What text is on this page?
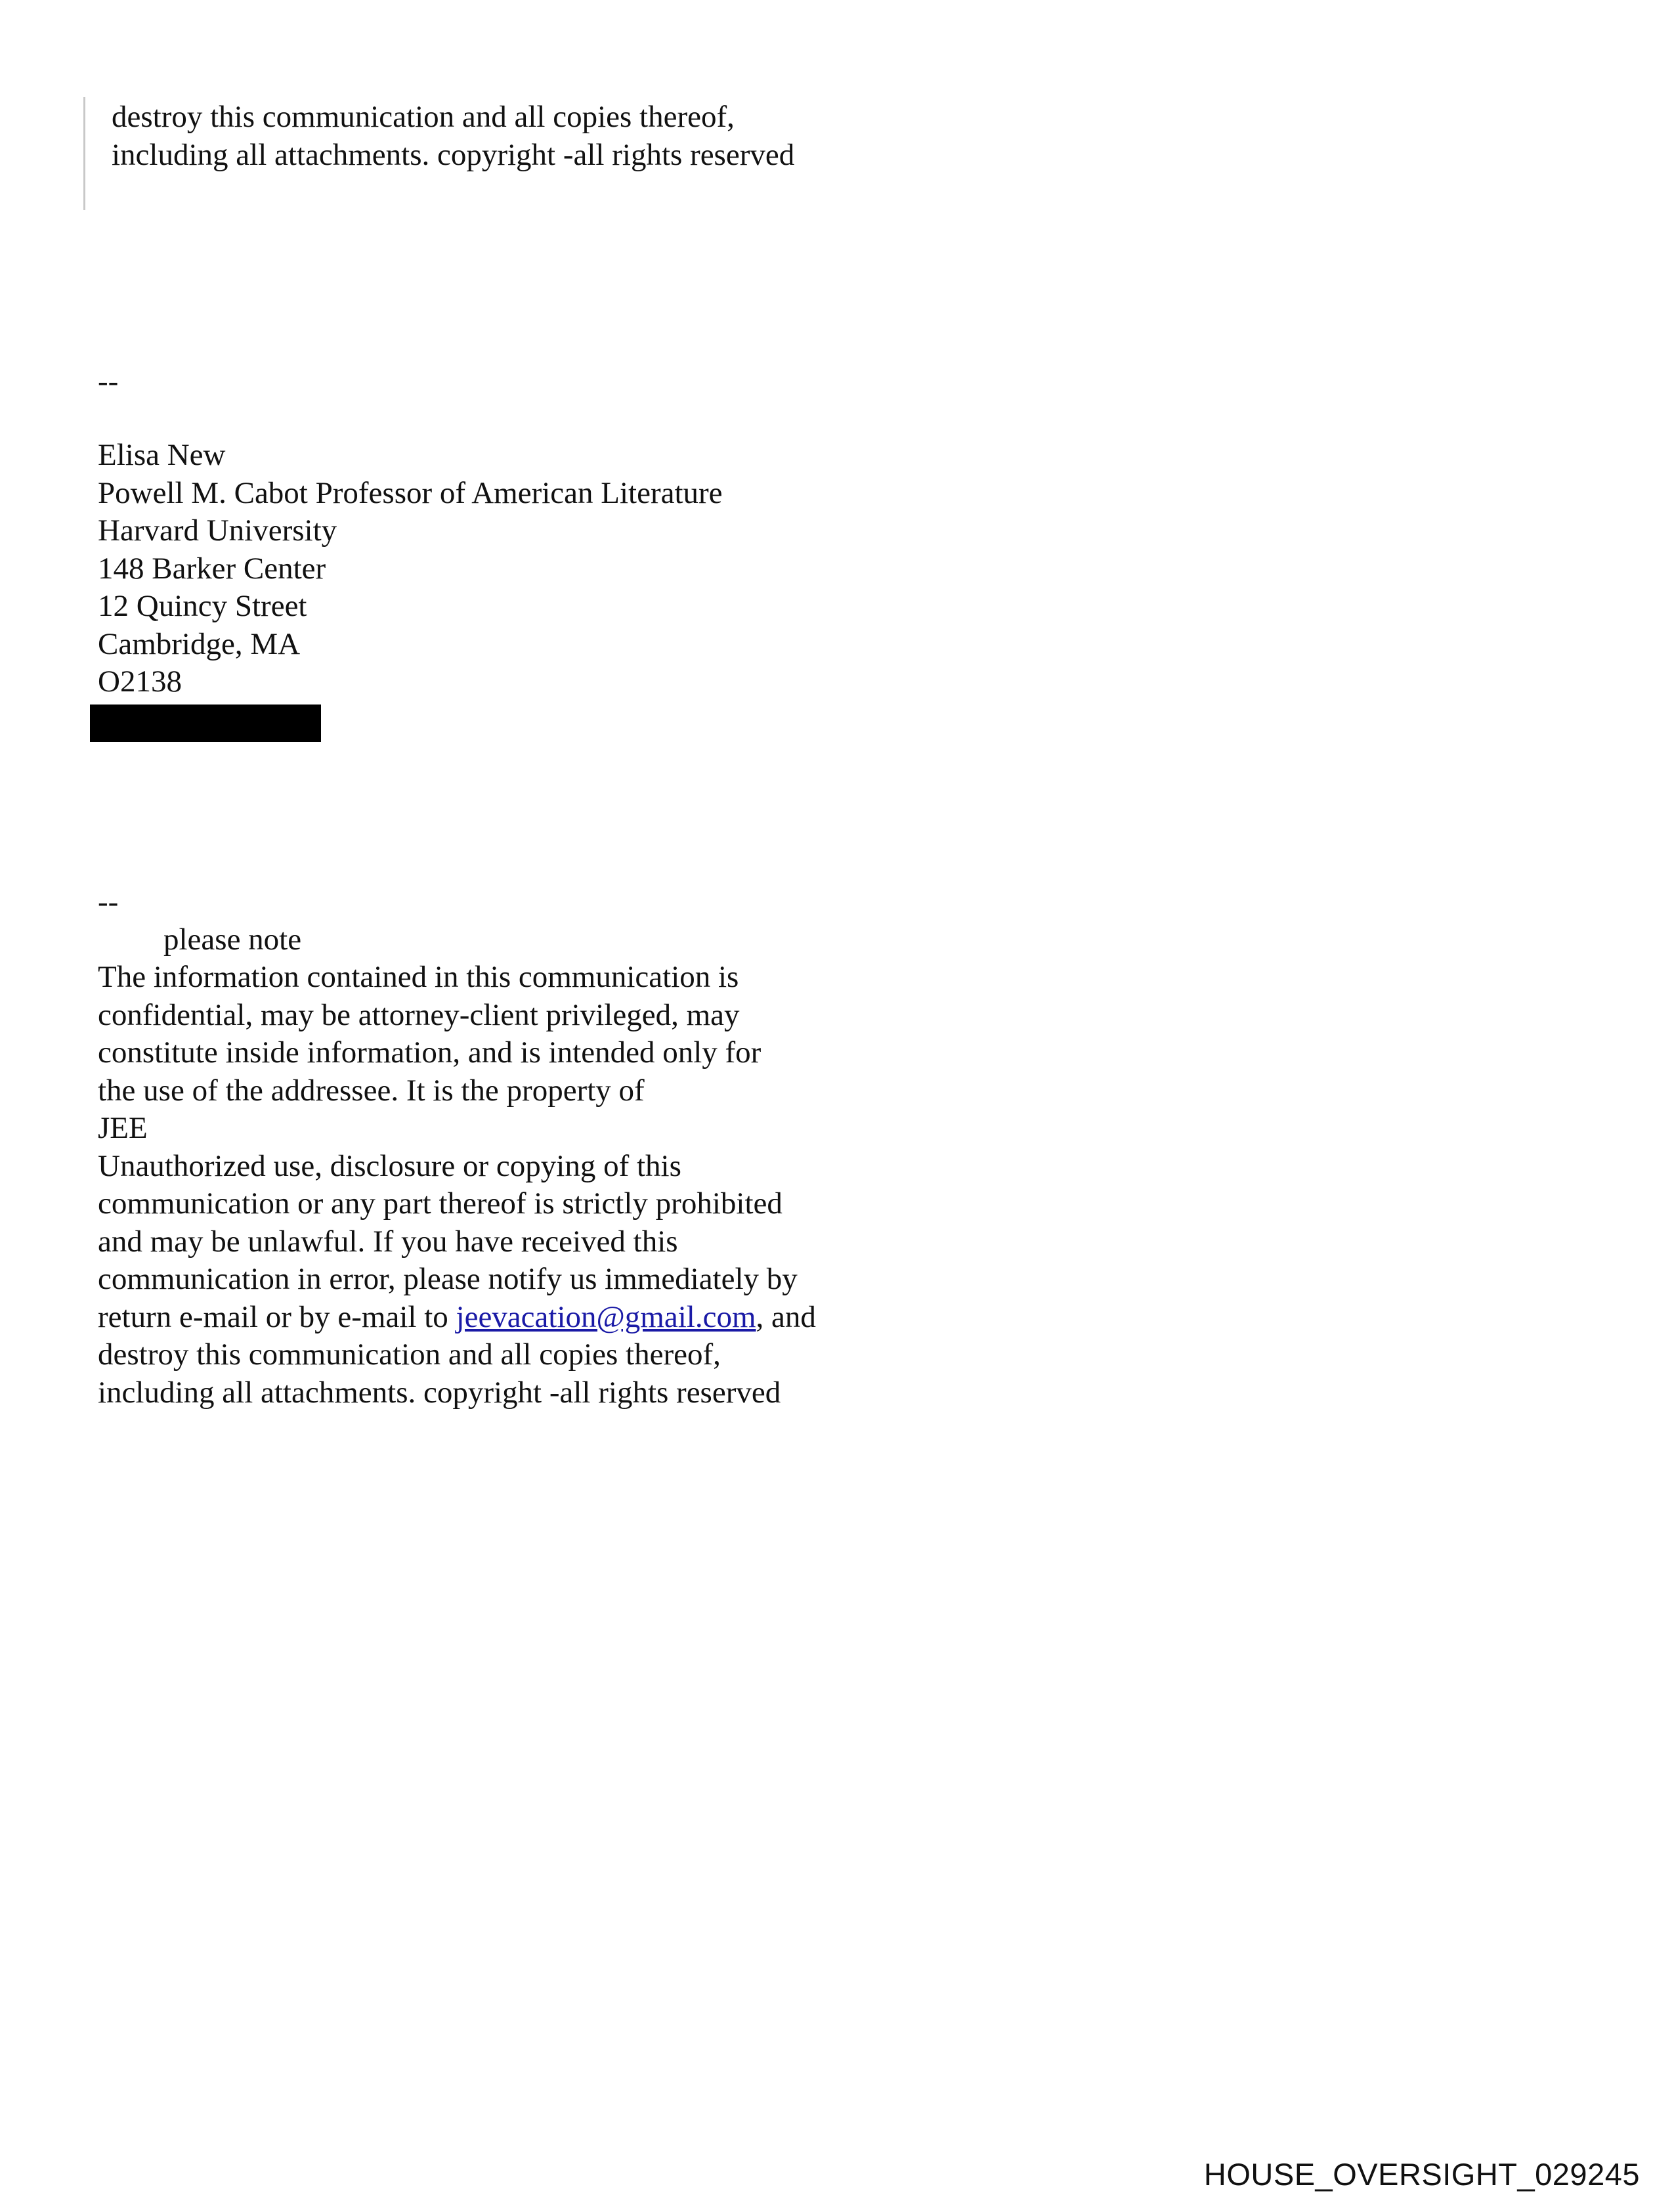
destroy this communication and all copies thereof,
including all attachments. copyright -all rights reserved
--
Elisa New
Powell M. Cabot Professor of American Literature
Harvard University
148 Barker Center
12 Quincy Street
Cambridge, MA
O2138
--
please note
The information contained in this communication is
confidential, may be attorney-client privileged, may
constitute inside information, and is intended only for
the use of the addressee. It is the property of
JEE
Unauthorized use, disclosure or copying of this
communication or any part thereof is strictly prohibited
and may be unlawful. If you have received this
communication in error, please notify us immediately by
return e-mail or by e-mail to jeevacation@gmail.com, and
destroy this communication and all copies thereof,
including all attachments. copyright -all rights reserved
HOUSE_OVERSIGHT_029245
